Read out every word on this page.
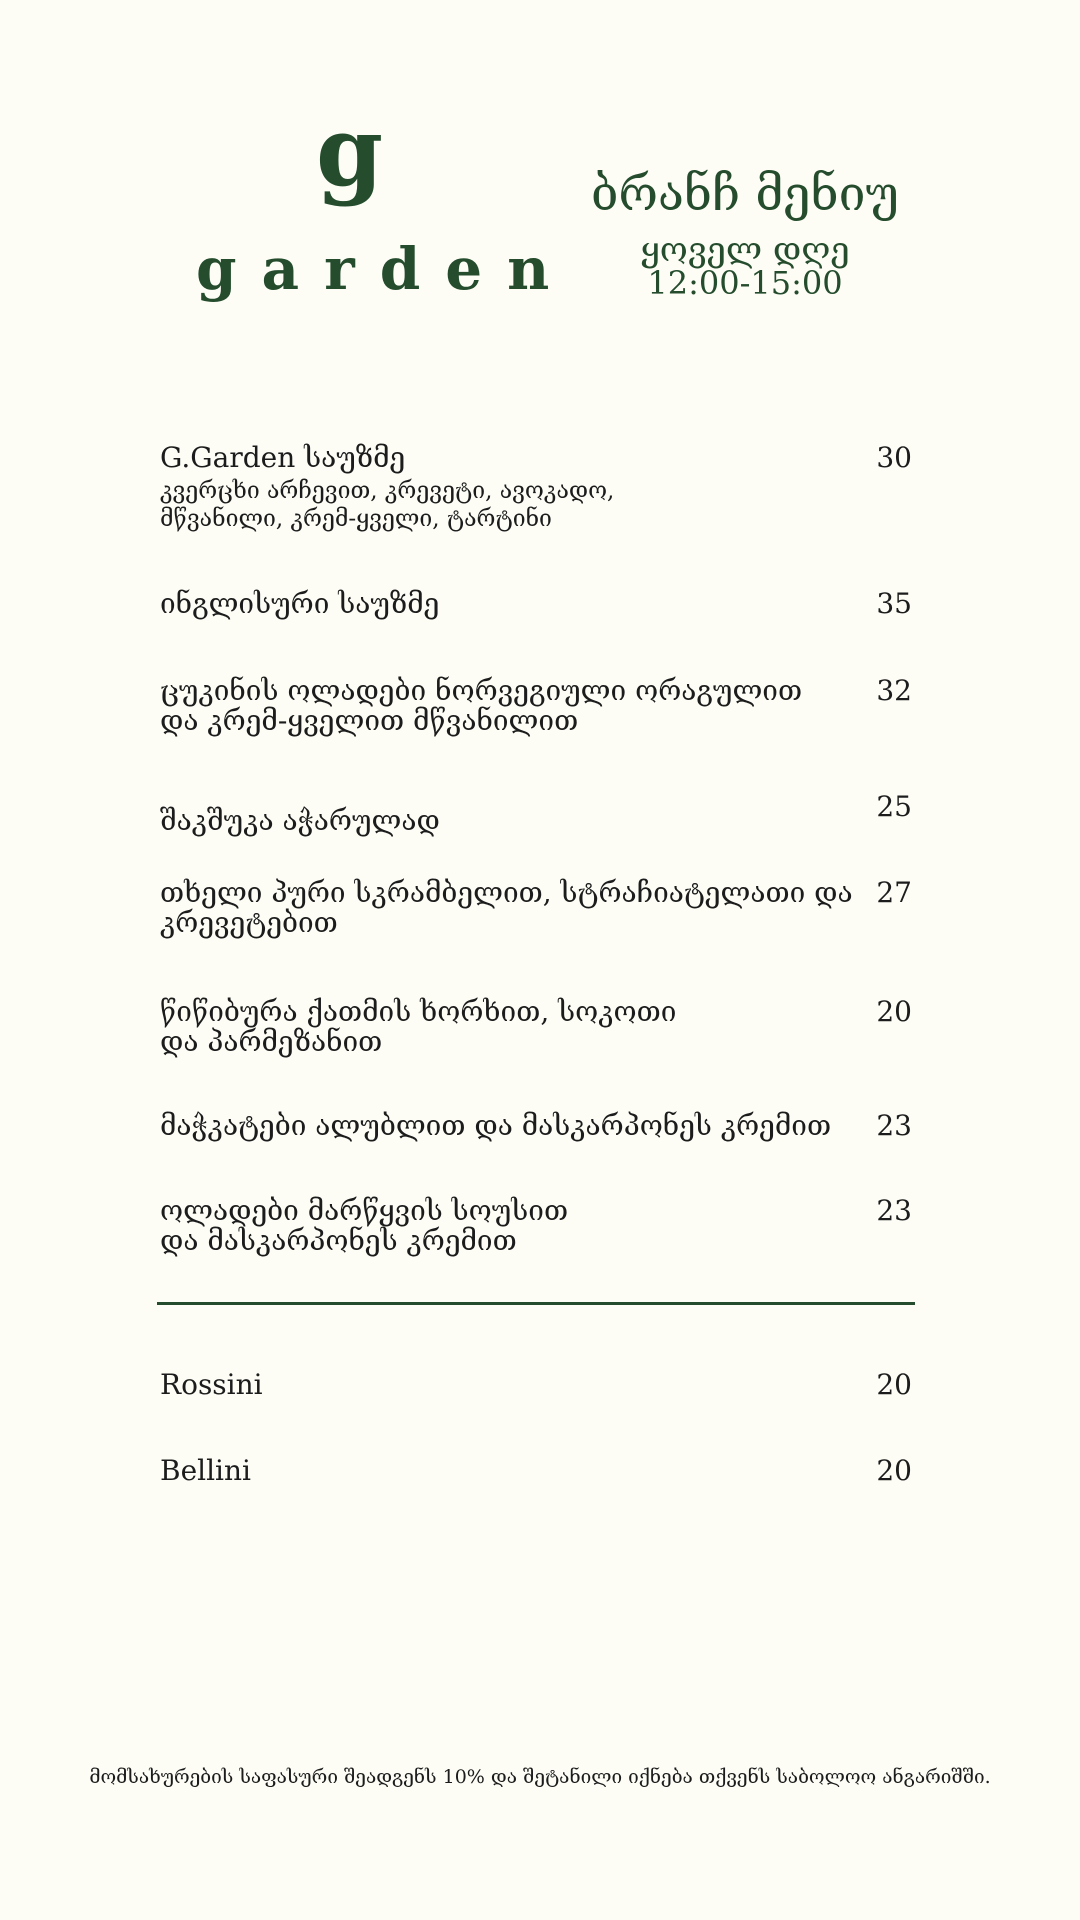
g
garden
ბრანჩ მენიუ
ყოველ დღე
12:00-15:00
G.Garden საუზმე
კვერცხი არჩევით, კრევეტი, ავოკადო,
მწვანილი, კრემ-ყველი, ტარტინი
30
ინგლისური საუზმე	35
ცუკინის ოლადები ნორვეგიული ორაგულით
და კრემ-ყველით მწვანილით
32
შაკშუკა აჭარულად	25
თხელი პური სკრამბელით, სტრაჩიატელათი და
კრევეტებით
27
წიწიბურა ქათმის ხორხით, სოკოთი
და პარმეზანით
20
მაჭკატები ალუბლით და მასკარპონეს კრემით	23
ოლადები მარწყვის სოუსით
და მასკარპონეს კრემით
23
Rossini	20
Bellini	20
მომსახურების საფასური შეადგენს 10% და შეტანილი იქნება თქვენს საბოლოო ანგარიშში.
